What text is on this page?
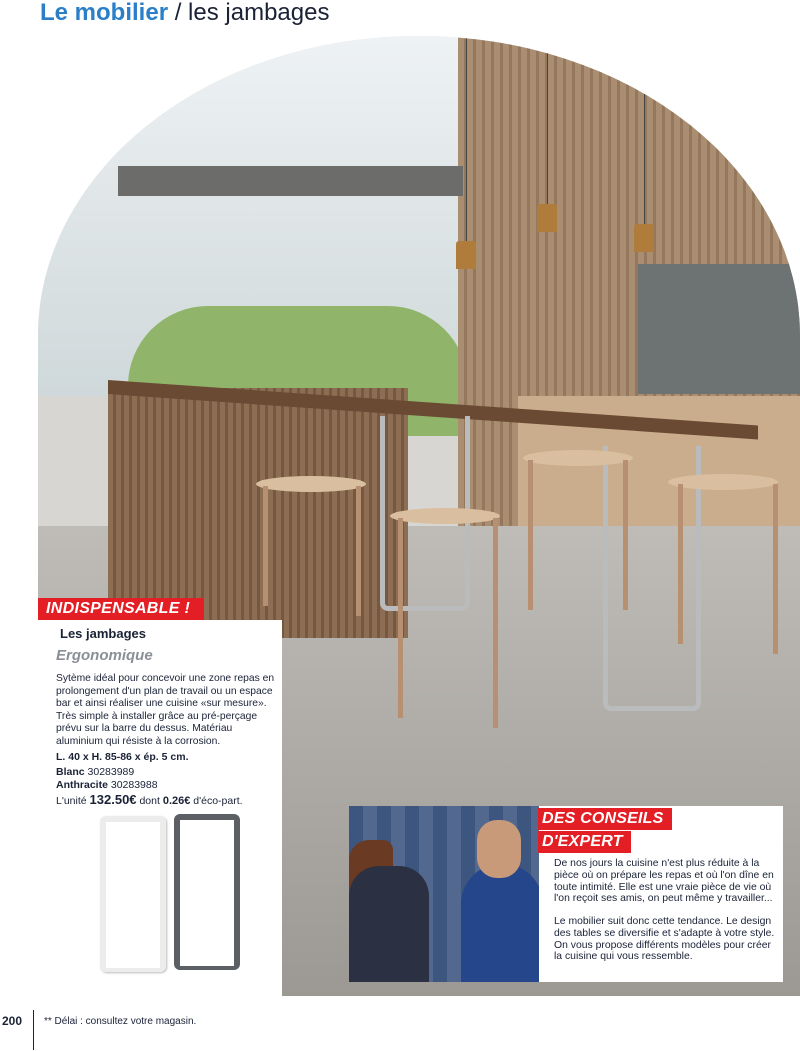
Le mobilier / les jambages
INDISPENSABLE !
Les jambages
Ergonomique
Sytème idéal pour concevoir une zone repas en prolongement d'un plan de travail ou un espace bar et ainsi réaliser une cuisine «sur mesure». Très simple à installer grâce au pré-perçage prévu sur la barre du dessus. Matériau aluminium qui résiste à la corrosion.
L. 40 x H. 85-86 x ép. 5 cm.
Blanc 30283989
Anthracite 30283988
L'unité 132.50€ dont 0.26€ d'éco-part.
DES CONSEILS
D'EXPERT
De nos jours la cuisine n'est plus réduite à la pièce où on prépare les repas et où l'on dîne en toute intimité. Elle est une vraie pièce de vie où l'on reçoit ses amis, on peut même y travailler...
Le mobilier suit donc cette tendance. Le design des tables se diversifie et s'adapte à votre style. On vous propose différents modèles pour créer la cuisine qui vous ressemble.
200 ** Délai : consultez votre magasin.
